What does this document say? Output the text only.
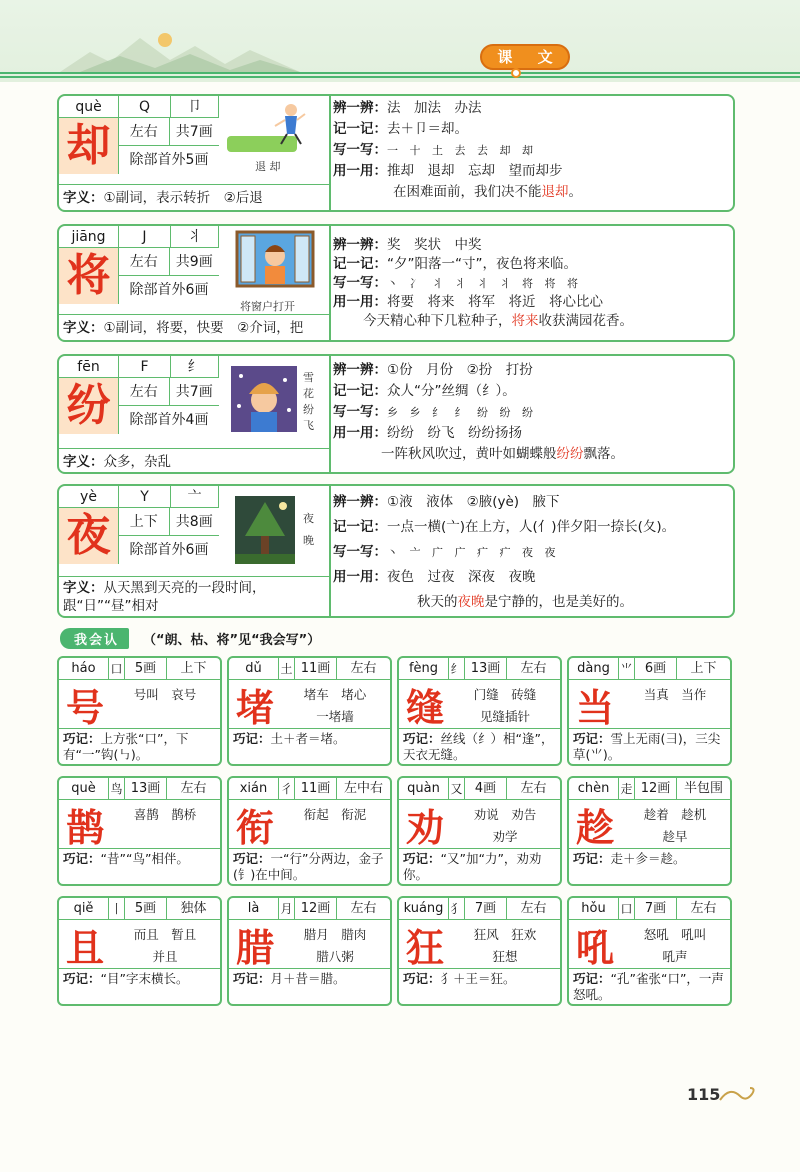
课 文
què	Q	卩
却	左右	共7画
除部首外5画	退 却
字义：①副词，表示转折　②后退
辨一辨：法　加法　办法
记一记：去＋卩＝却。
写一写：一 十 土 去 去 却 却
用一用：推却　退却　忘却　望而却步
在困难面前，我们决不能退却。
jiāng	J	丬
将	左右	共9画
除部首外6画
将窗户打开
字义：①副词，将要，快要　②介词，把
辨一辨：奖　奖状　中奖
记一记：“夕”阳落一“寸”，夜色将来临。
写一写：丶 冫 丬 丬 丬 丬 将 将 将
用一用：将要　将来　将军　将近　将心比心
今天精心种下几粒种子，将来收获满园花香。
fēn	F	纟
纷	左右	共7画
除部首外4画
雪花纷飞
字义：众多，杂乱
辨一辨：①份　月份　②扮　打扮
记一记：众人“分”丝绸（纟）。
写一写：乡 乡 纟 纟 纷 纷 纷
用一用：纷纷　纷飞　纷纷扬扬
一阵秋风吹过，黄叶如蝴蝶般纷纷飘落。
yè	Y	亠
夜	上下	共8画
除部首外6画
夜晚
字义：从天黑到天亮的一段时间，跟“日”“昼”相对
辨一辨：①液　液体　②腋(yè)　腋下
记一记：一点一横(亠)在上方，人(亻)伴夕阳一捺长(夂)。
写一写：丶 亠 广 广 疒 疒 夜 夜
用一用：夜色　过夜　深夜　夜晚
秋天的夜晚是宁静的，也是美好的。
我会认	（“朗、枯、将”见“我会写”）
háo	口 5画	上下
号	号叫　哀号
巧记：上方张“口”，下有“一”钩(㇉)。
dǔ	土 11画	左右
堵	堵车　堵心
一堵墙
巧记：土＋者＝堵。
fèng	纟 13画	左右
缝	门缝　砖缝
见缝插针
巧记：丝线（纟）相“逢”，天衣无缝。
dàng ⺌ 6画	上下
当	当真　当作
巧记：雪上无雨(彐)，三尖草(⺌)。
què	鸟 13画	左右
鹊	喜鹊　鹊桥
巧记：“昔”“鸟”相伴。
xián	彳 11画	左中右
衔	衔起　衔泥
巧记：一“行”分两边，金子(钅)在中间。
quàn 又 4画	左右
劝	劝说　劝告
劝学
巧记：“又”加“力”，劝劝你。
chèn 走 12画	半包围
趁	趁着　趁机
趁早
巧记：走＋㐱＝趁。
qiě	丨 5画	独体
且	而且　暂且
并且
巧记：“目”字末横长。
là	月 12画	左右
腊	腊月　腊肉
腊八粥
巧记：月＋昔＝腊。
kuáng 犭 7画	左右
狂	狂风　狂欢
狂想
巧记：犭＋王＝狂。
hǒu	口 7画	左右
吼	怒吼　吼叫
吼声
巧记：“孔”雀张“口”，一声怒吼。
115
